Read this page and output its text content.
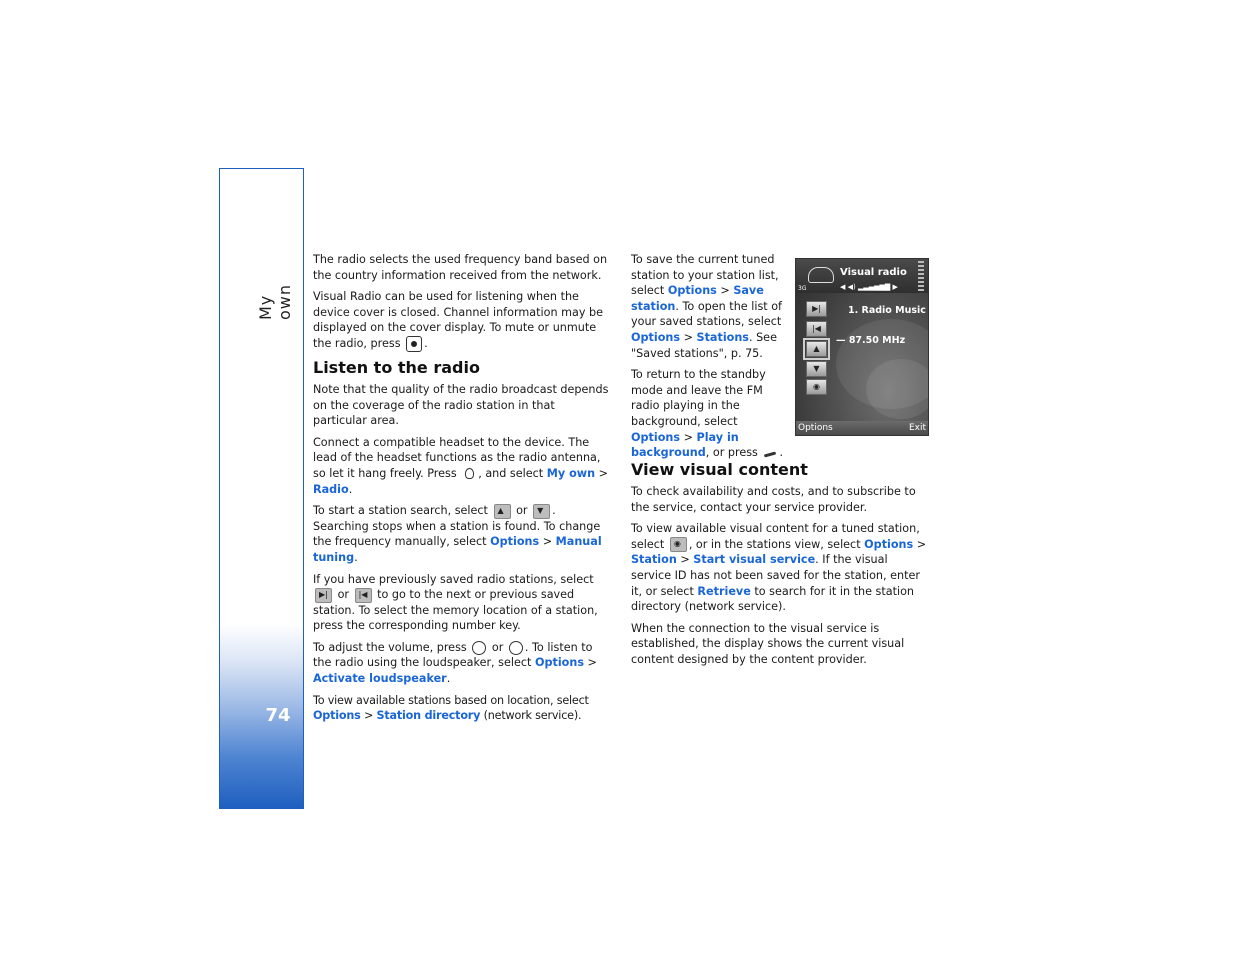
My own
74

The radio selects the used frequency band based on the country information received from the network.

Visual Radio can be used for listening when the device cover is closed. Channel information may be displayed on the cover display. To mute or unmute the radio, press .

Listen to the radio

Note that the quality of the radio broadcast depends on the coverage of the radio station in that particular area.

Connect a compatible headset to the device. The lead of the headset functions as the radio antenna, so let it hang freely. Press , and select My own > Radio.

To start a station search, select ▲ or ▼ . Searching stops when a station is found. To change the frequency manually, select Options > Manual tuning.

If you have previously saved radio stations, select
▶| or |◀ to go to the next or previous saved station. To select the memory location of a station, press the corresponding number key.

To adjust the volume, press or . To listen to the radio using the loudspeaker, select Options > Activate loudspeaker.

To view available stations based on location, select Options > Station directory (network service).

To save the current tuned station to your station list, select Options > Save station. To open the list of your saved stations, select Options > Stations. See "Saved stations", p. 75.

To return to the standby mode and leave the FM radio playing in the background, select Options > Play in background, or press .

View visual content

To check availability and costs, and to subscribe to the service, contact your service provider.

To view available visual content for a tuned station, select ◉ , or in the stations view, select Options > Station > Start visual service. If the visual service ID has not been saved for the station, enter it, or select Retrieve to search for it in the station directory (network service).

When the connection to the visual service is established, the display shows the current visual content designed by the content provider.

Visual radio
3G	◀ ◀) ▂▃▄▅▆▇ ▶
▶|
|◀
▲
▼
◉
1. Radio Music
— 87.50 MHz
Options	Exit
